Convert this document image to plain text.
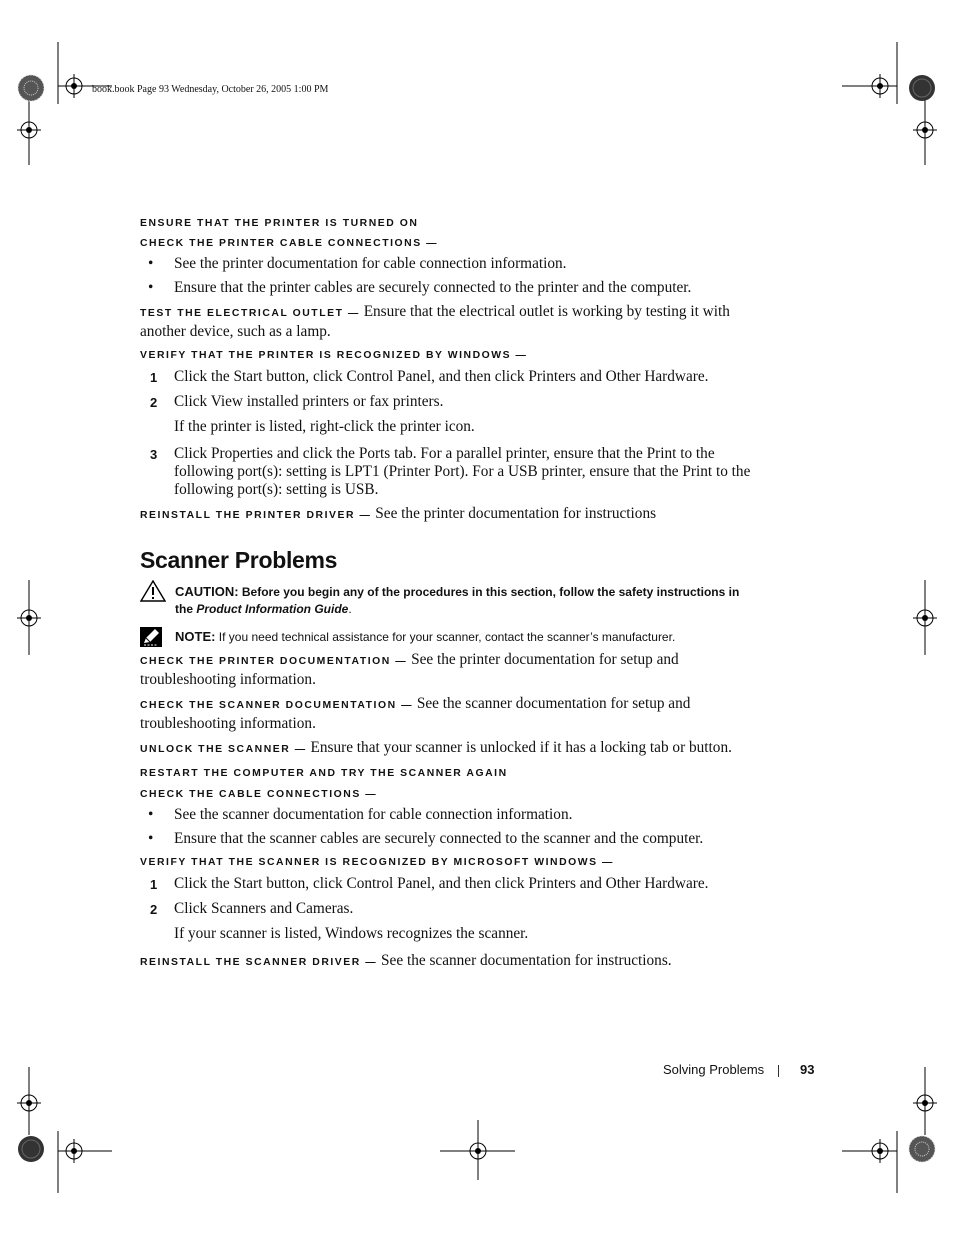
book.book Page 93 Wednesday, October 26, 2005 1:00 PM
ENSURE THAT THE PRINTER IS TURNED ON
CHECK THE PRINTER CABLE CONNECTIONS —
• See the printer documentation for cable connection information.
• Ensure that the printer cables are securely connected to the printer and the computer.
TEST THE ELECTRICAL OUTLET — Ensure that the electrical outlet is working by testing it with another device, such as a lamp.
VERIFY THAT THE PRINTER IS RECOGNIZED BY WINDOWS —
1 Click the Start button, click Control Panel, and then click Printers and Other Hardware.
2 Click View installed printers or fax printers.
If the printer is listed, right-click the printer icon.
3 Click Properties and click the Ports tab. For a parallel printer, ensure that the Print to the following port(s): setting is LPT1 (Printer Port). For a USB printer, ensure that the Print to the following port(s): setting is USB.
REINSTALL THE PRINTER DRIVER — See the printer documentation for instructions
Scanner Problems
CAUTION: Before you begin any of the procedures in this section, follow the safety instructions in the Product Information Guide.
NOTE: If you need technical assistance for your scanner, contact the scanner’s manufacturer.
CHECK THE PRINTER DOCUMENTATION — See the printer documentation for setup and troubleshooting information.
CHECK THE SCANNER DOCUMENTATION — See the scanner documentation for setup and troubleshooting information.
UNLOCK THE SCANNER — Ensure that your scanner is unlocked if it has a locking tab or button.
RESTART THE COMPUTER AND TRY THE SCANNER AGAIN
CHECK THE CABLE CONNECTIONS —
• See the scanner documentation for cable connection information.
• Ensure that the scanner cables are securely connected to the scanner and the computer.
VERIFY THAT THE SCANNER IS RECOGNIZED BY MICROSOFT WINDOWS —
1 Click the Start button, click Control Panel, and then click Printers and Other Hardware.
2 Click Scanners and Cameras.
If your scanner is listed, Windows recognizes the scanner.
REINSTALL THE SCANNER DRIVER — See the scanner documentation for instructions.
Solving Problems	93
